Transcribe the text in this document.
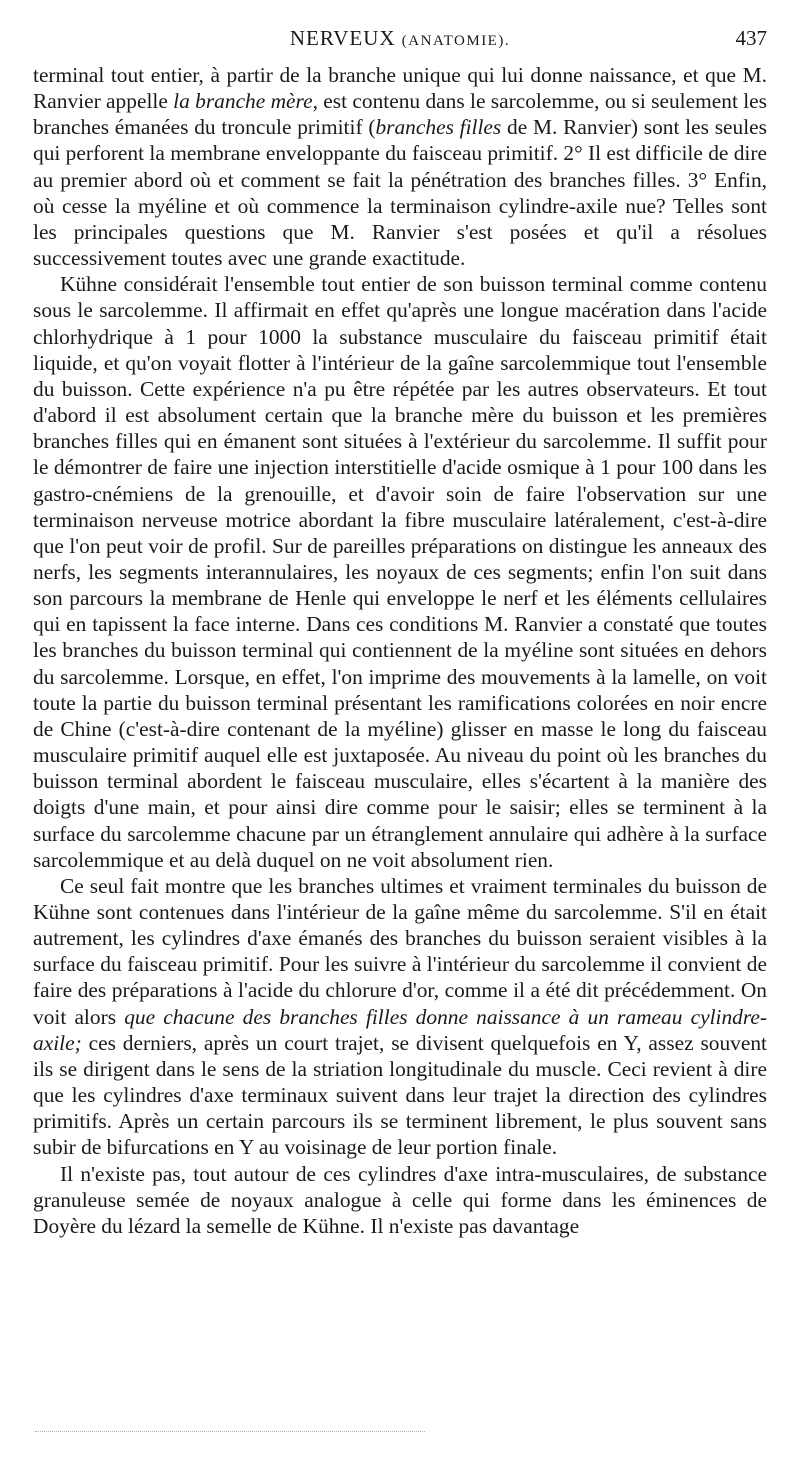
NERVEUX (ANATOMIE).	437

terminal tout entier, à partir de la branche unique qui lui donne naissance, et que M. Ranvier appelle la branche mère, est contenu dans le sarcolemme, ou si seulement les branches émanées du troncule primitif (branches filles de M. Ranvier) sont les seules qui perforent la membrane enveloppante du faisceau primitif. 2° Il est difficile de dire au premier abord où et comment se fait la pénétration des branches filles. 3° Enfin, où cesse la myéline et où commence la terminaison cylindre-axile nue? Telles sont les principales questions que M. Ranvier s'est posées et qu'il a résolues successivement toutes avec une grande exactitude.

Kühne considérait l'ensemble tout entier de son buisson terminal comme contenu sous le sarcolemme. Il affirmait en effet qu'après une longue macération dans l'acide chlorhydrique à 1 pour 1000 la substance musculaire du faisceau primitif était liquide, et qu'on voyait flotter à l'intérieur de la gaîne sarcolemmique tout l'ensemble du buisson. Cette expérience n'a pu être répétée par les autres observateurs. Et tout d'abord il est absolument certain que la branche mère du buisson et les premières branches filles qui en émanent sont situées à l'extérieur du sarcolemme. Il suffit pour le démontrer de faire une injection interstitielle d'acide osmique à 1 pour 100 dans les gastro-cnémiens de la grenouille, et d'avoir soin de faire l'observation sur une terminaison nerveuse motrice abordant la fibre musculaire latéralement, c'est-à-dire que l'on peut voir de profil. Sur de pareilles préparations on distingue les anneaux des nerfs, les segments interannulaires, les noyaux de ces segments; enfin l'on suit dans son parcours la membrane de Henle qui enveloppe le nerf et les éléments cellulaires qui en tapissent la face interne. Dans ces conditions M. Ranvier a constaté que toutes les branches du buisson terminal qui contiennent de la myéline sont situées en dehors du sarcolemme. Lorsque, en effet, l'on imprime des mouvements à la lamelle, on voit toute la partie du buisson terminal présentant les ramifications colorées en noir encre de Chine (c'est-à-dire contenant de la myéline) glisser en masse le long du faisceau musculaire primitif auquel elle est juxtaposée. Au niveau du point où les branches du buisson terminal abordent le faisceau musculaire, elles s'écartent à la manière des doigts d'une main, et pour ainsi dire comme pour le saisir; elles se terminent à la surface du sarcolemme chacune par un étranglement annulaire qui adhère à la surface sarcolemmique et au delà duquel on ne voit absolument rien.

Ce seul fait montre que les branches ultimes et vraiment terminales du buisson de Kühne sont contenues dans l'intérieur de la gaîne même du sarcolemme. S'il en était autrement, les cylindres d'axe émanés des branches du buisson seraient visibles à la surface du faisceau primitif. Pour les suivre à l'intérieur du sarcolemme il convient de faire des préparations à l'acide du chlorure d'or, comme il a été dit précédemment. On voit alors que chacune des branches filles donne naissance à un rameau cylindre-axile; ces derniers, après un court trajet, se divisent quelquefois en Y, assez souvent ils se dirigent dans le sens de la striation longitudinale du muscle. Ceci revient à dire que les cylindres d'axe terminaux suivent dans leur trajet la direction des cylindres primitifs. Après un certain parcours ils se terminent librement, le plus souvent sans subir de bifurcations en Y au voisinage de leur portion finale.

Il n'existe pas, tout autour de ces cylindres d'axe intra-musculaires, de substance granuleuse semée de noyaux analogue à celle qui forme dans les éminences de Doyère du lézard la semelle de Kühne. Il n'existe pas davantage
